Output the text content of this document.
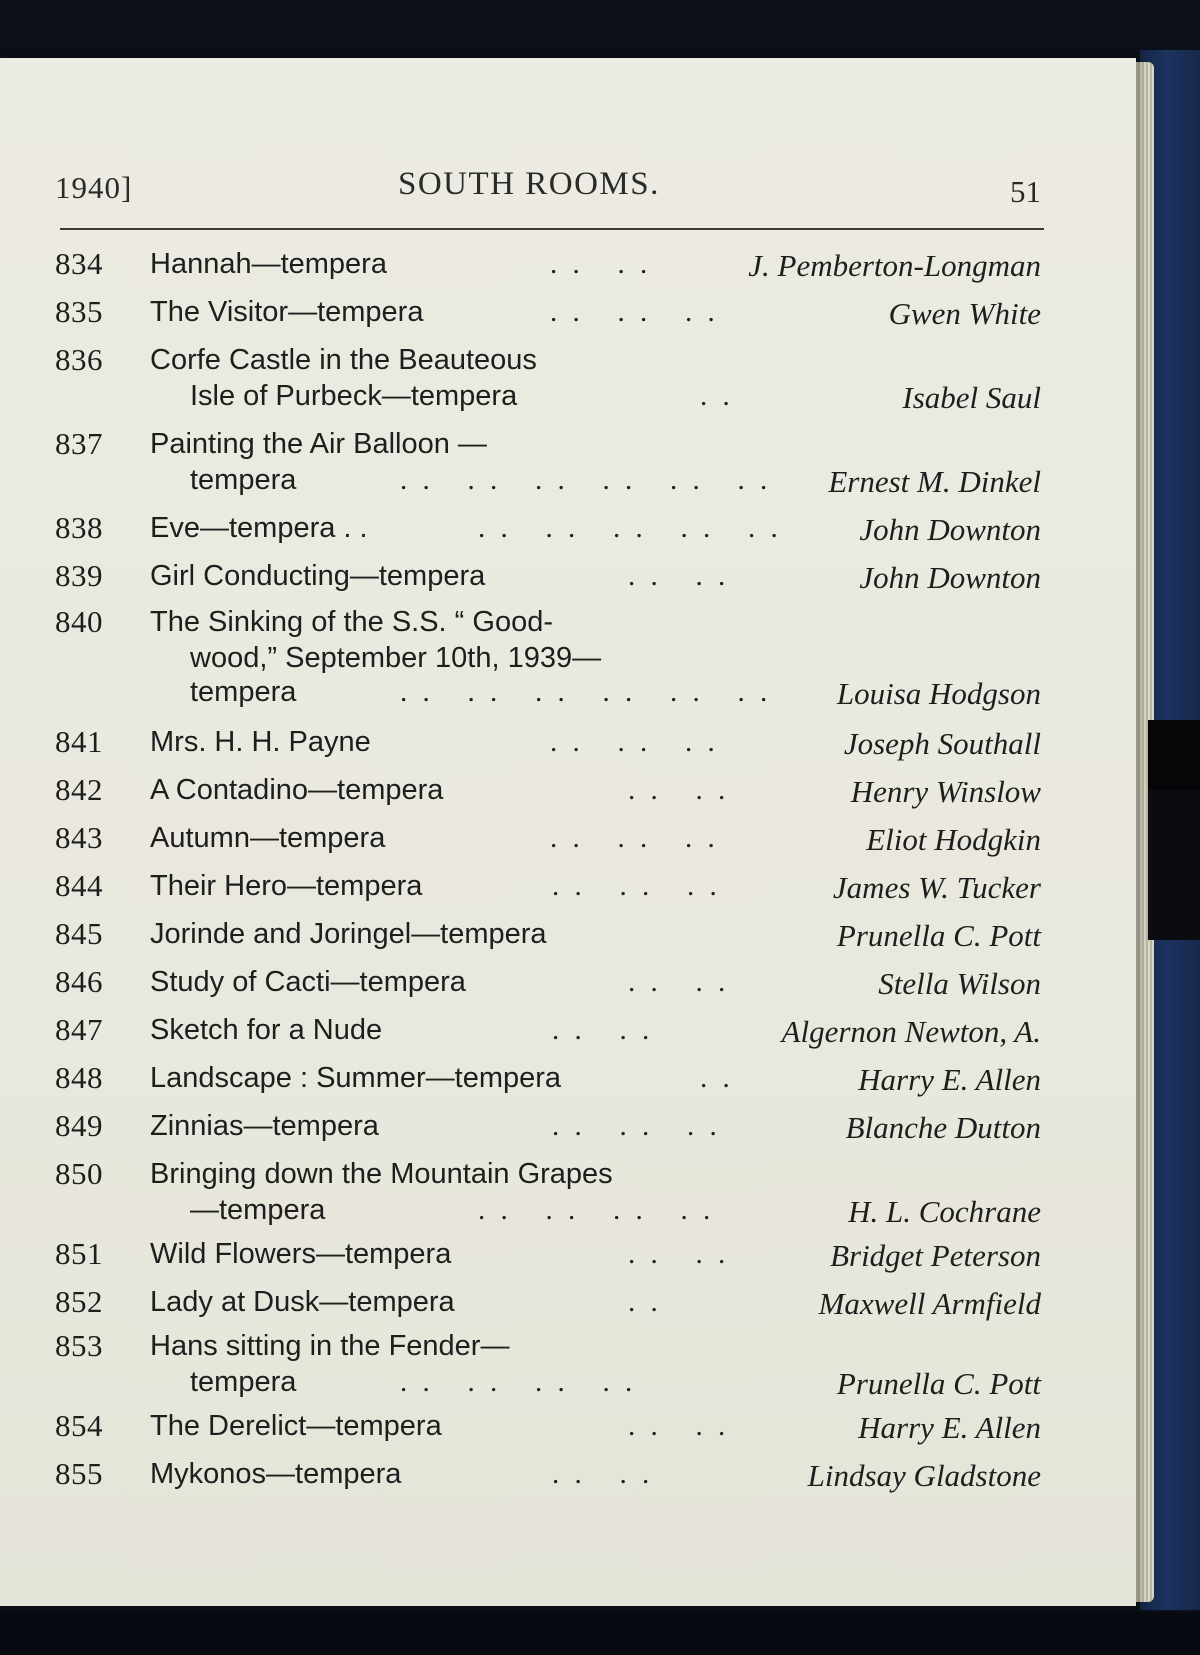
1940]	SOUTH ROOMS.	51
834 Hannah—tempera	. .   . .	J. Pemberton-Longman
835 The Visitor—tempera	. .   . .   . .	Gwen White
836 Corfe Castle in the Beauteous
Isle of Purbeck—tempera	. .	Isabel Saul
837 Painting the Air Balloon —
tempera	. .   . .   . .   . .   . .   . . Ernest M. Dinkel
838 Eve—tempera . .	. .   . .   . .   . .   . .	John Downton
839 Girl Conducting—tempera	. .   . .	John Downton
840 The Sinking of the S.S. “ Good-
wood,” September 10th, 1939—
tempera	. .   . .   . .   . .   . .   . . Louisa Hodgson
841 Mrs. H. H. Payne	. .   . .   . .	Joseph Southall
842 A Contadino—tempera	. .   . .	Henry Winslow
843 Autumn—tempera	. .   . .   . .	Eliot Hodgkin
844 Their Hero—tempera	. .   . .   . .	James W. Tucker
845 Jorinde and Joringel—tempera	Prunella C. Pott
846 Study of Cacti—tempera	. .   . .	Stella Wilson
847 Sketch for a Nude	. .   . .	Algernon Newton, A.
848 Landscape : Summer—tempera	. .	Harry E. Allen
849 Zinnias—tempera	. .   . .   . .	Blanche Dutton
850 Bringing down the Mountain Grapes
—tempera	. .   . .   . .   . .	H. L. Cochrane
851 Wild Flowers—tempera	. .   . .	Bridget Peterson
852 Lady at Dusk—tempera	. .	Maxwell Armfield
853 Hans sitting in the Fender—
tempera	. .   . .   . .   . .	Prunella C. Pott
854 The Derelict—tempera	. .   . .	Harry E. Allen
855 Mykonos—tempera	. .   . .	Lindsay Gladstone
